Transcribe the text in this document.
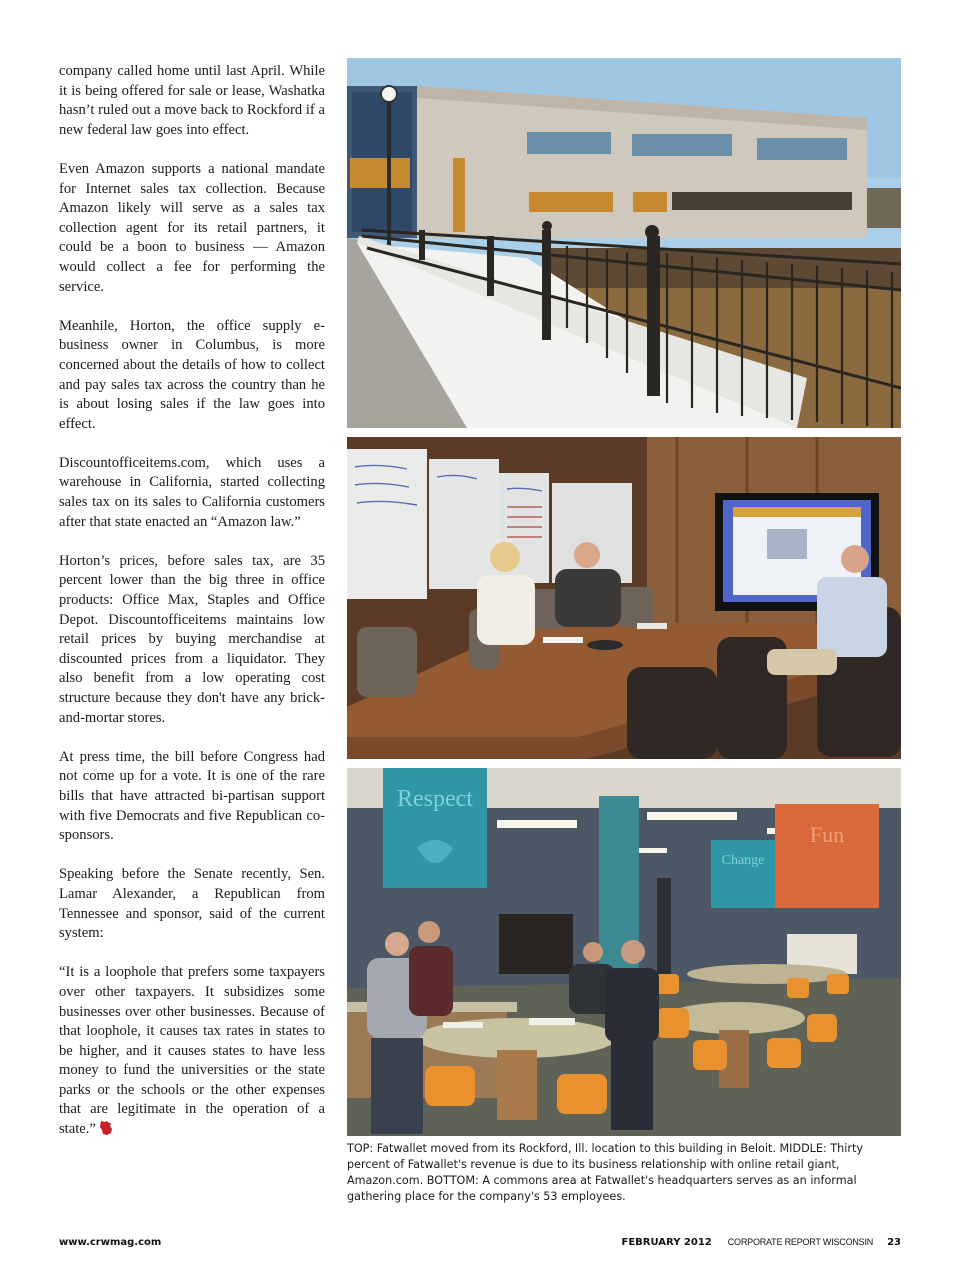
company called home until last April. While it is being offered for sale or lease, Washatka hasn’t ruled out a move back to Rockford if a new federal law goes into effect.

Even Amazon supports a national mandate for Internet sales tax collection. Because Amazon likely will serve as a sales tax collection agent for its retail partners, it could be a boon to business — Amazon would collect a fee for performing the service.

Meanhile, Horton, the office supply e-business owner in Columbus, is more concerned about the details of how to collect and pay sales tax across the country than he is about losing sales if the law goes into effect.

Discountofficeitems.com, which uses a warehouse in California, started collecting sales tax on its sales to California customers after that state enacted an “Amazon law.”

Horton’s prices, before sales tax, are 35 percent lower than the big three in office products: Office Max, Staples and Office Depot. Discountofficeitems maintains low retail prices by buying merchandise at discounted prices from a liquidator. They also benefit from a low operating cost structure because they don't have any brick-and-mortar stores.

At press time, the bill before Congress had not come up for a vote. It is one of the rare bills that have attracted bi-partisan support with five Democrats and five Republican co-sponsors.

Speaking before the Senate recently, Sen. Lamar Alexander, a Republican from Tennessee and sponsor, said of the current system:

“It is a loophole that prefers some taxpayers over other taxpayers. It subsidizes some businesses over other businesses. Because of that loophole, it causes tax rates in states to be higher, and it causes states to have less money to fund the universities or the state parks or the schools or the other expenses that are legitimate in the operation of a state.”

Respect
Change
Fun
TOP: Fatwallet moved from its Rockford, Ill. location to this building in Beloit. MIDDLE: Thirty percent of Fatwallet's revenue is due to its business relationship with online retail giant, Amazon.com. BOTTOM: A commons area at Fatwallet's headquarters serves as an informal gathering place for the company's 53 employees.
www.crwmag.com	FEBRUARY 2012 CORPORATE REPORT WISCONSIN 23
